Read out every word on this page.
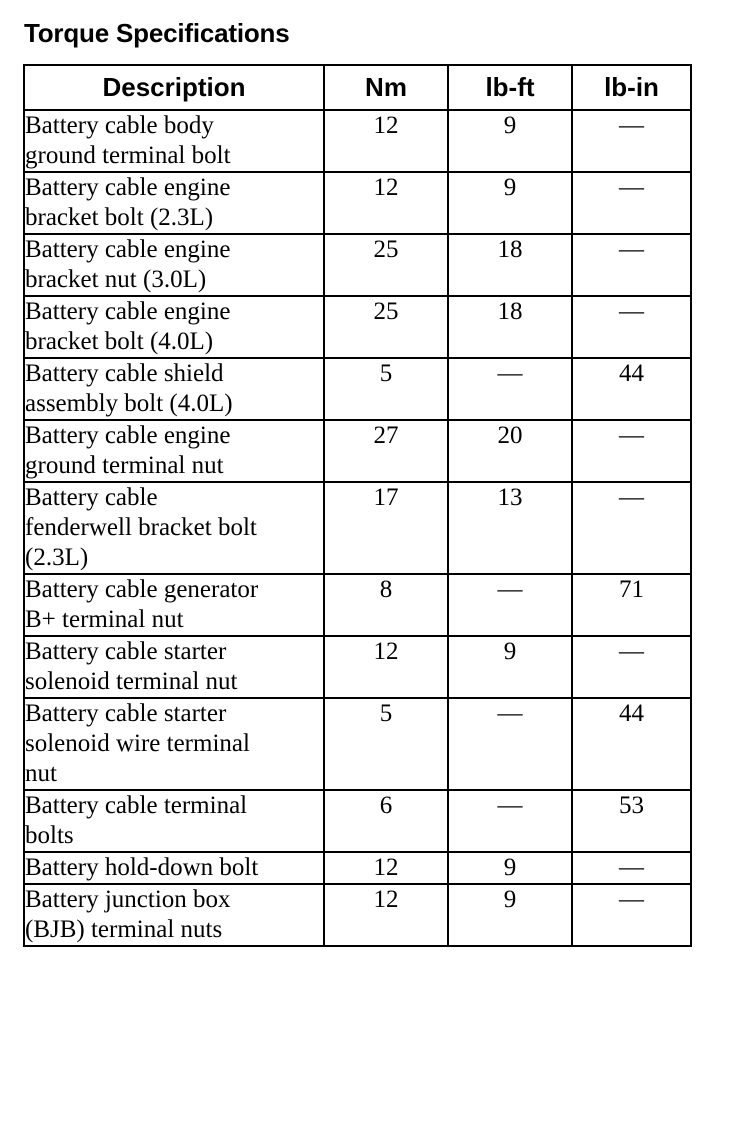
Torque Specifications
Description	Nm	lb-ft	lb-in
Battery cable body
ground terminal bolt	12	9	—
Battery cable engine
bracket bolt (2.3L)	12	9	—
Battery cable engine
bracket nut (3.0L)	25	18	—
Battery cable engine
bracket bolt (4.0L)	25	18	—
Battery cable shield
assembly bolt (4.0L)	5	—	44
Battery cable engine
ground terminal nut	27	20	—
Battery cable
fenderwell bracket bolt
(2.3L)	17	13	—
Battery cable generator
B+ terminal nut	8	—	71
Battery cable starter
solenoid terminal nut	12	9	—
Battery cable starter
solenoid wire terminal
nut	5	—	44
Battery cable terminal
bolts	6	—	53
Battery hold-down bolt	12	9	—
Battery junction box
(BJB) terminal nuts	12	9	—
